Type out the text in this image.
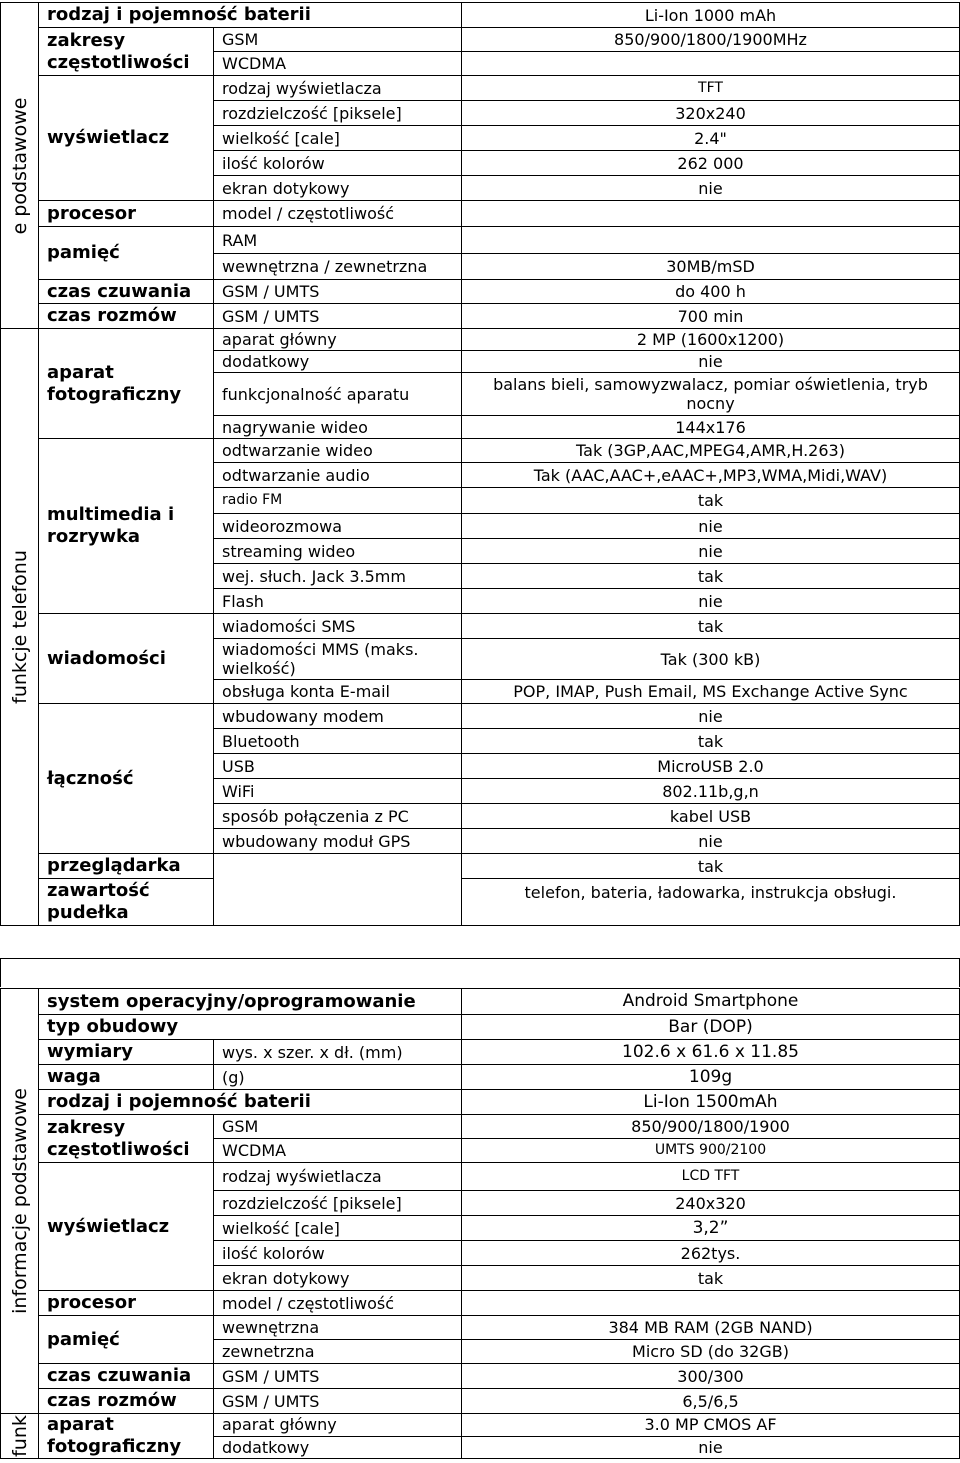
e podstawowe	rodzaj i pojemność baterii		Li-Ion 1000 mAh
	zakresy częstotliwości	GSM	850/900/1800/1900MHz
		WCDMA	
	wyświetlacz	rodzaj wyświetlacza	TFT
		rozdzielczość [piksele]	320x240
		wielkość [cale]	2.4"
		ilość kolorów	262 000
		ekran dotykowy	nie
	procesor	model / częstotliwość	
	pamięć	RAM	
		wewnętrzna / zewnetrzna	30MB/mSD
	czas czuwania	GSM / UMTS	do 400 h
	czas rozmów	GSM / UMTS	700 min

funkcje telefonu	aparat fotograficzny	aparat główny	2 MP (1600x1200)
		dodatkowy	nie
		funkcjonalność aparatu	balans bieli, samowyzwalacz, pomiar oświetlenia, tryb nocny
		nagrywanie wideo	144x176
	multimedia i rozrywka	odtwarzanie wideo	Tak (3GP,AAC,MPEG4,AMR,H.263)
		odtwarzanie audio	Tak (AAC,AAC+,eAAC+,MP3,WMA,Midi,WAV)
		radio FM	tak
		wideorozmowa	nie
		streaming wideo	nie
		wej. słuch. Jack 3.5mm	tak
		Flash	nie
	wiadomości	wiadomości SMS	tak
		wiadomości MMS (maks. wielkość)	Tak (300 kB)
		obsługa konta E-mail	POP, IMAP, Push Email, MS Exchange Active Sync
	łączność	wbudowany modem	nie
		Bluetooth	tak
		USB	MicroUSB 2.0
		WiFi	802.11b,g,n
		sposób połączenia z PC	kabel USB
		wbudowany moduł GPS	nie
	przeglądarka		tak
	zawartość pudełka		telefon, bateria, ładowarka, instrukcja obsługi.
informacje podstawowe	system operacyjny/oprogramowanie		Android Smartphone
	typ obudowy		Bar (DOP)
	wymiary	wys. x szer. x dł. (mm)	102.6 x 61.6 x 11.85
	waga	(g)	109g
	rodzaj i pojemność baterii		Li-Ion 1500mAh
	zakresy częstotliwości	GSM	850/900/1800/1900
		WCDMA	UMTS 900/2100
	wyświetlacz	rodzaj wyświetlacza	LCD TFT
		rozdzielczość [piksele]	240x320
		wielkość [cale]	3,2”
		ilość kolorów	262tys.
		ekran dotykowy	tak
	procesor	model / częstotliwość	
	pamięć	wewnętrzna	384 MB RAM (2GB NAND)
		zewnetrzna	Micro SD (do 32GB)
	czas czuwania	GSM / UMTS	300/300
	czas rozmów	GSM / UMTS	6,5/6,5

funk	aparat fotograficzny	aparat główny	3.0 MP CMOS AF
		dodatkowy	nie
